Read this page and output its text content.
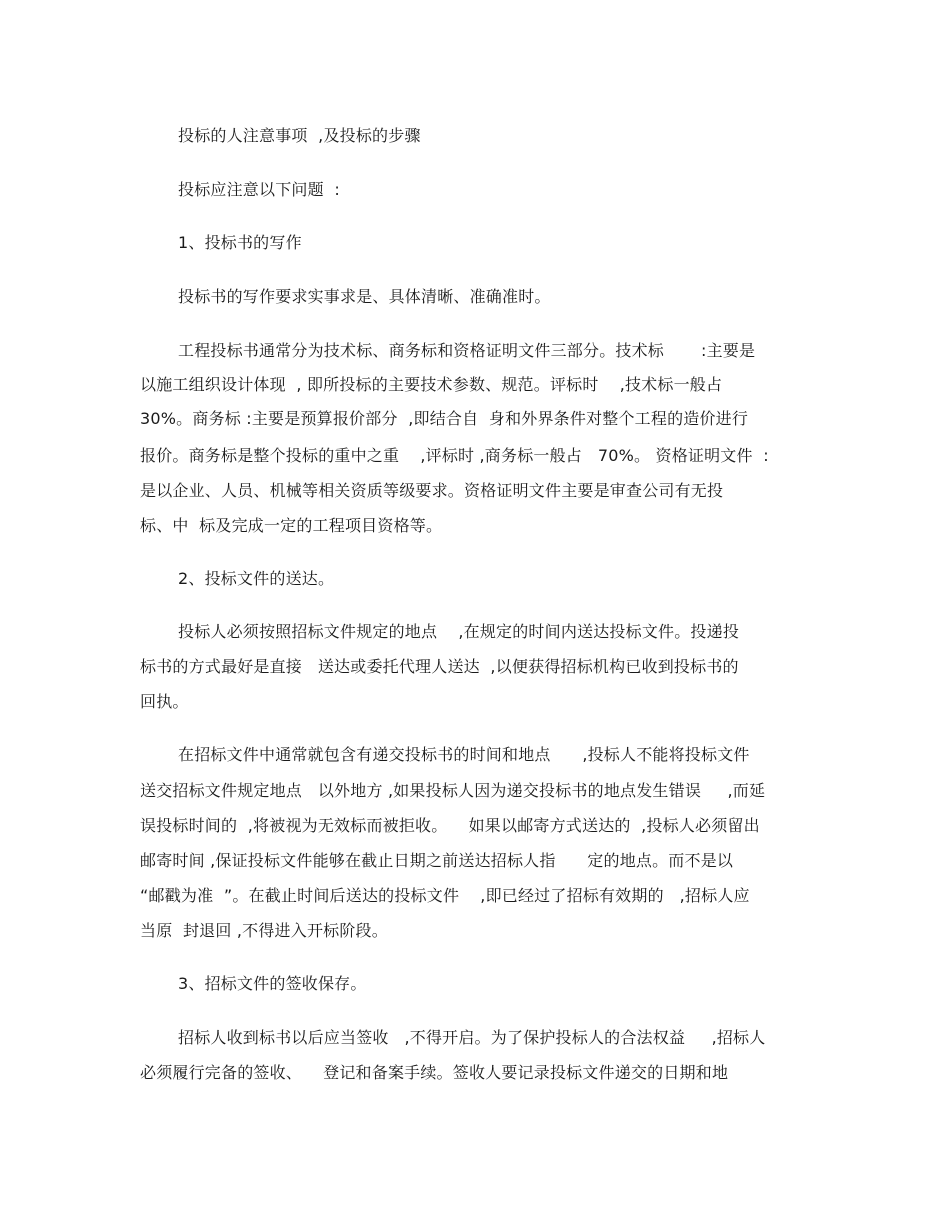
投标的人注意事项  ,及投标的步骤
投标应注意以下问题  :
1、投标书的写作
投标书的写作要求实事求是、具体清晰、准确准时。
工程投标书通常分为技术标、商务标和资格证明文件三部分。技术标       :主要是
以施工组织设计体现  , 即所投标的主要技术参数、规范。评标时    ,技术标一般占
30%。商务标 :主要是预算报价部分  ,即结合自  身和外界条件对整个工程的造价进行
报价。商务标是整个投标的重中之重    ,评标时 ,商务标一般占   70%。 资格证明文件  :
是以企业、人员、机械等相关资质等级要求。资格证明文件主要是审查公司有无投
标、中  标及完成一定的工程项目资格等。
2、投标文件的送达。
投标人必须按照招标文件规定的地点    ,在规定的时间内送达投标文件。投递投
标书的方式最好是直接   送达或委托代理人送达  ,以便获得招标机构已收到投标书的
回执。
在招标文件中通常就包含有递交投标书的时间和地点      ,投标人不能将投标文件
送交招标文件规定地点   以外地方 ,如果投标人因为递交投标书的地点发生错误     ,而延
误投标时间的  ,将被视为无效标而被拒收。    如果以邮寄方式送达的  ,投标人必须留出
邮寄时间 ,保证投标文件能够在截止日期之前送达招标人指      定的地点。而不是以
“邮戳为准  ”。在截止时间后送达的投标文件    ,即已经过了招标有效期的   ,招标人应
当原  封退回 ,不得进入开标阶段。
3、招标文件的签收保存。
招标人收到标书以后应当签收   ,不得开启。为了保护投标人的合法权益     ,招标人
必须履行完备的签收、    登记和备案手续。签收人要记录投标文件递交的日期和地
